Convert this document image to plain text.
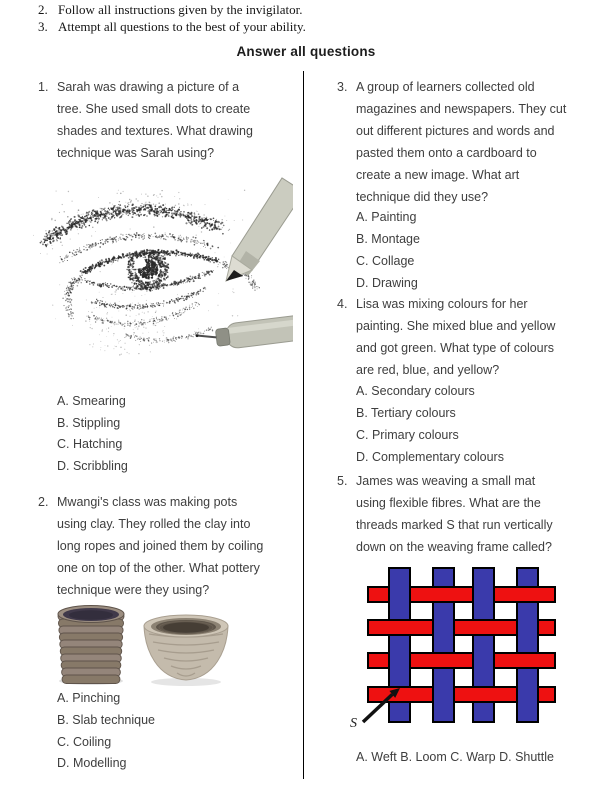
2. Follow all instructions given by the invigilator.
3. Attempt all questions to the best of your ability.
Answer all questions
1. Sarah was drawing a picture of a
tree. She used small dots to create
shades and textures. What drawing
technique was Sarah using?
A. Smearing
B. Stippling
C. Hatching
D. Scribbling
2. Mwangi's class was making pots
using clay. They rolled the clay into
long ropes and joined them by coiling
one on top of the other. What pottery
technique were they using?
A. Pinching
B. Slab technique
C. Coiling
D. Modelling
3. A group of learners collected old
magazines and newspapers. They cut
out different pictures and words and
pasted them onto a cardboard to
create a new image. What art
technique did they use?
A. Painting
B. Montage
C. Collage
D. Drawing
4. Lisa was mixing colours for her
painting. She mixed blue and yellow
and got green. What type of colours
are red, blue, and yellow?
A. Secondary colours
B. Tertiary colours
C. Primary colours
D. Complementary colours
5. James was weaving a small mat
using flexible fibres. What are the
threads marked S that run vertically
down on the weaving frame called?
S
A. Weft B. Loom C. Warp D. Shuttle
